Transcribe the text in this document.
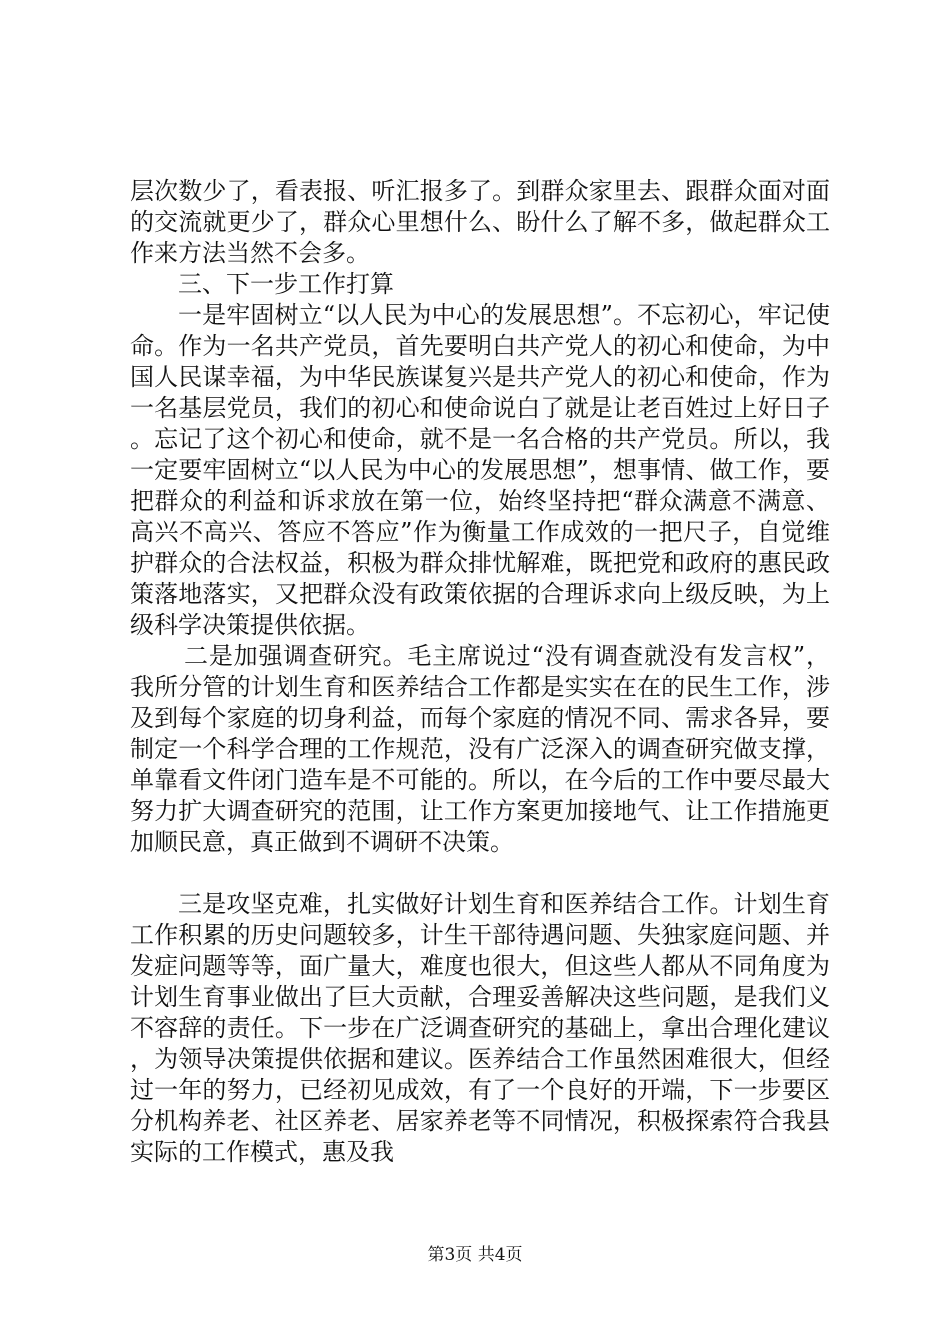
层次数少了，看表报、听汇报多了。到群众家里去、跟群众面对面的交流就更少了，群众心里想什么、盼什么了解不多，做起群众工作来方法当然不会多。

三、下一步工作打算

一是牢固树立“以人民为中心的发展思想”。不忘初心，牢记使命。作为一名共产党员，首先要明白共产党人的初心和使命，为中国人民谋幸福，为中华民族谋复兴是共产党人的初心和使命，作为一名基层党员，我们的初心和使命说白了就是让老百姓过上好日子。忘记了这个初心和使命，就不是一名合格的共产党员。所以，我一定要牢固树立“以人民为中心的发展思想”，想事情、做工作，要把群众的利益和诉求放在第一位，始终坚持把“群众满意不满意、高兴不高兴、答应不答应”作为衡量工作成效的一把尺子，自觉维护群众的合法权益，积极为群众排忧解难，既把党和政府的惠民政策落地落实，又把群众没有政策依据的合理诉求向上级反映，为上级科学决策提供依据。

二是加强调查研究。毛主席说过“没有调查就没有发言权”，我所分管的计划生育和医养结合工作都是实实在在的民生工作，涉及到每个家庭的切身利益，而每个家庭的情况不同、需求各异，要制定一个科学合理的工作规范，没有广泛深入的调查研究做支撑，单靠看文件闭门造车是不可能的。所以，在今后的工作中要尽最大努力扩大调查研究的范围，让工作方案更加接地气、让工作措施更加顺民意，真正做到不调研不决策。

三是攻坚克难，扎实做好计划生育和医养结合工作。计划生育工作积累的历史问题较多，计生干部待遇问题、失独家庭问题、并发症问题等等，面广量大，难度也很大，但这些人都从不同角度为计划生育事业做出了巨大贡献，合理妥善解决这些问题，是我们义不容辞的责任。下一步在广泛调查研究的基础上，拿出合理化建议，为领导决策提供依据和建议。医养结合工作虽然困难很大，但经过一年的努力，已经初见成效，有了一个良好的开端，下一步要区分机构养老、社区养老、居家养老等不同情况，积极探索符合我县实际的工作模式，惠及我

第3页 共4页
